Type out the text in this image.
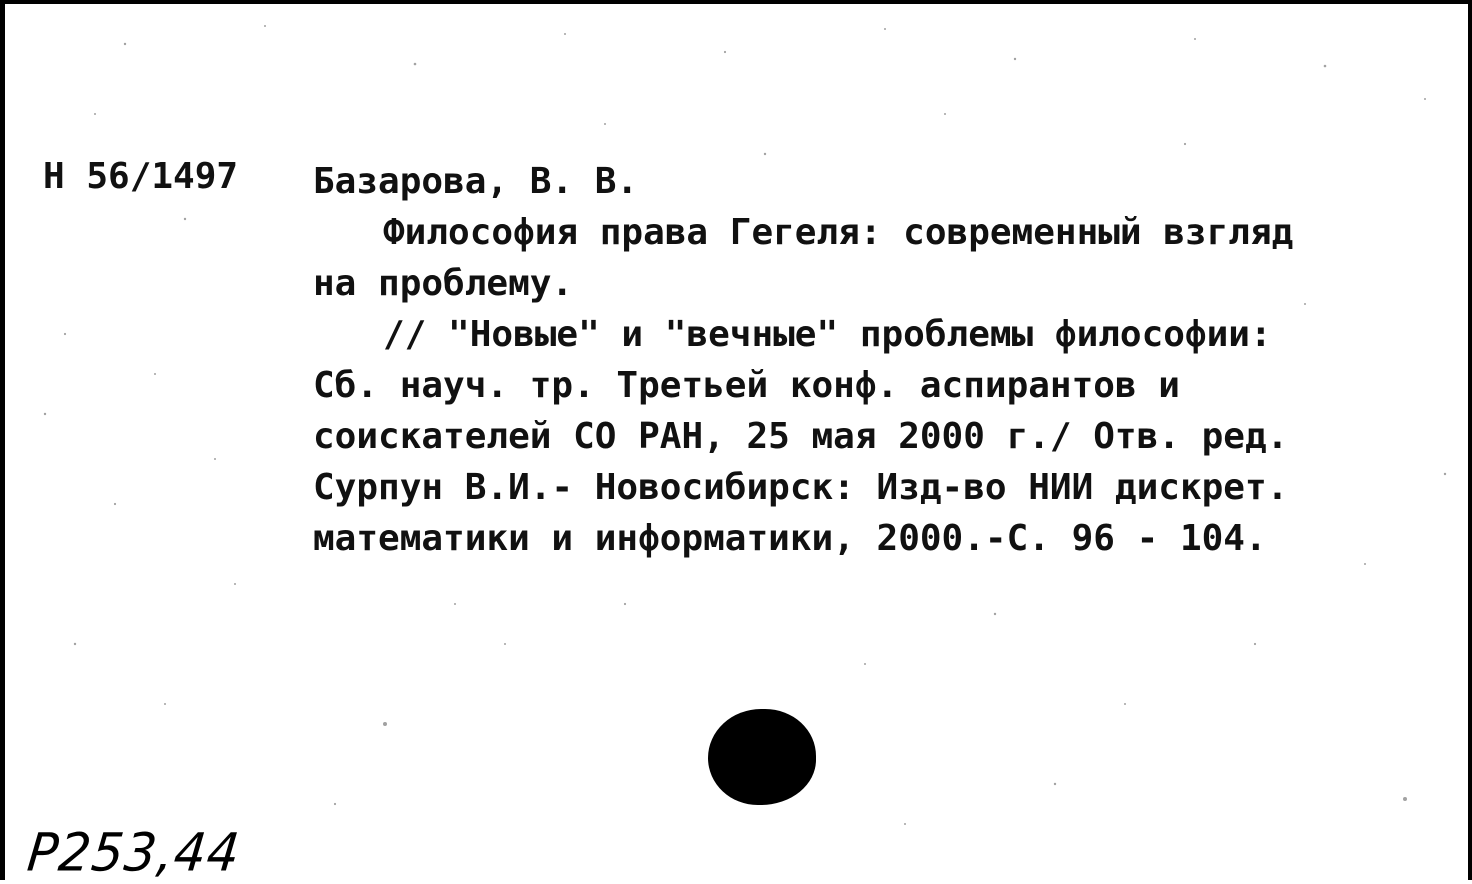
Н 56/1497 Базарова, В. В.
Философия права Гегеля: современный взгляд
на проблему.
// "Новые" и "вечные" проблемы философии:
Сб. науч. тр. Третьей конф. аспирантов и
соискателей СО РАН, 25 мая 2000 г./ Отв. ред.
Сурпун В.И.- Новосибирск: Изд-во НИИ дискрет.
математики и информатики, 2000.-С. 96 - 104.
P253,44
